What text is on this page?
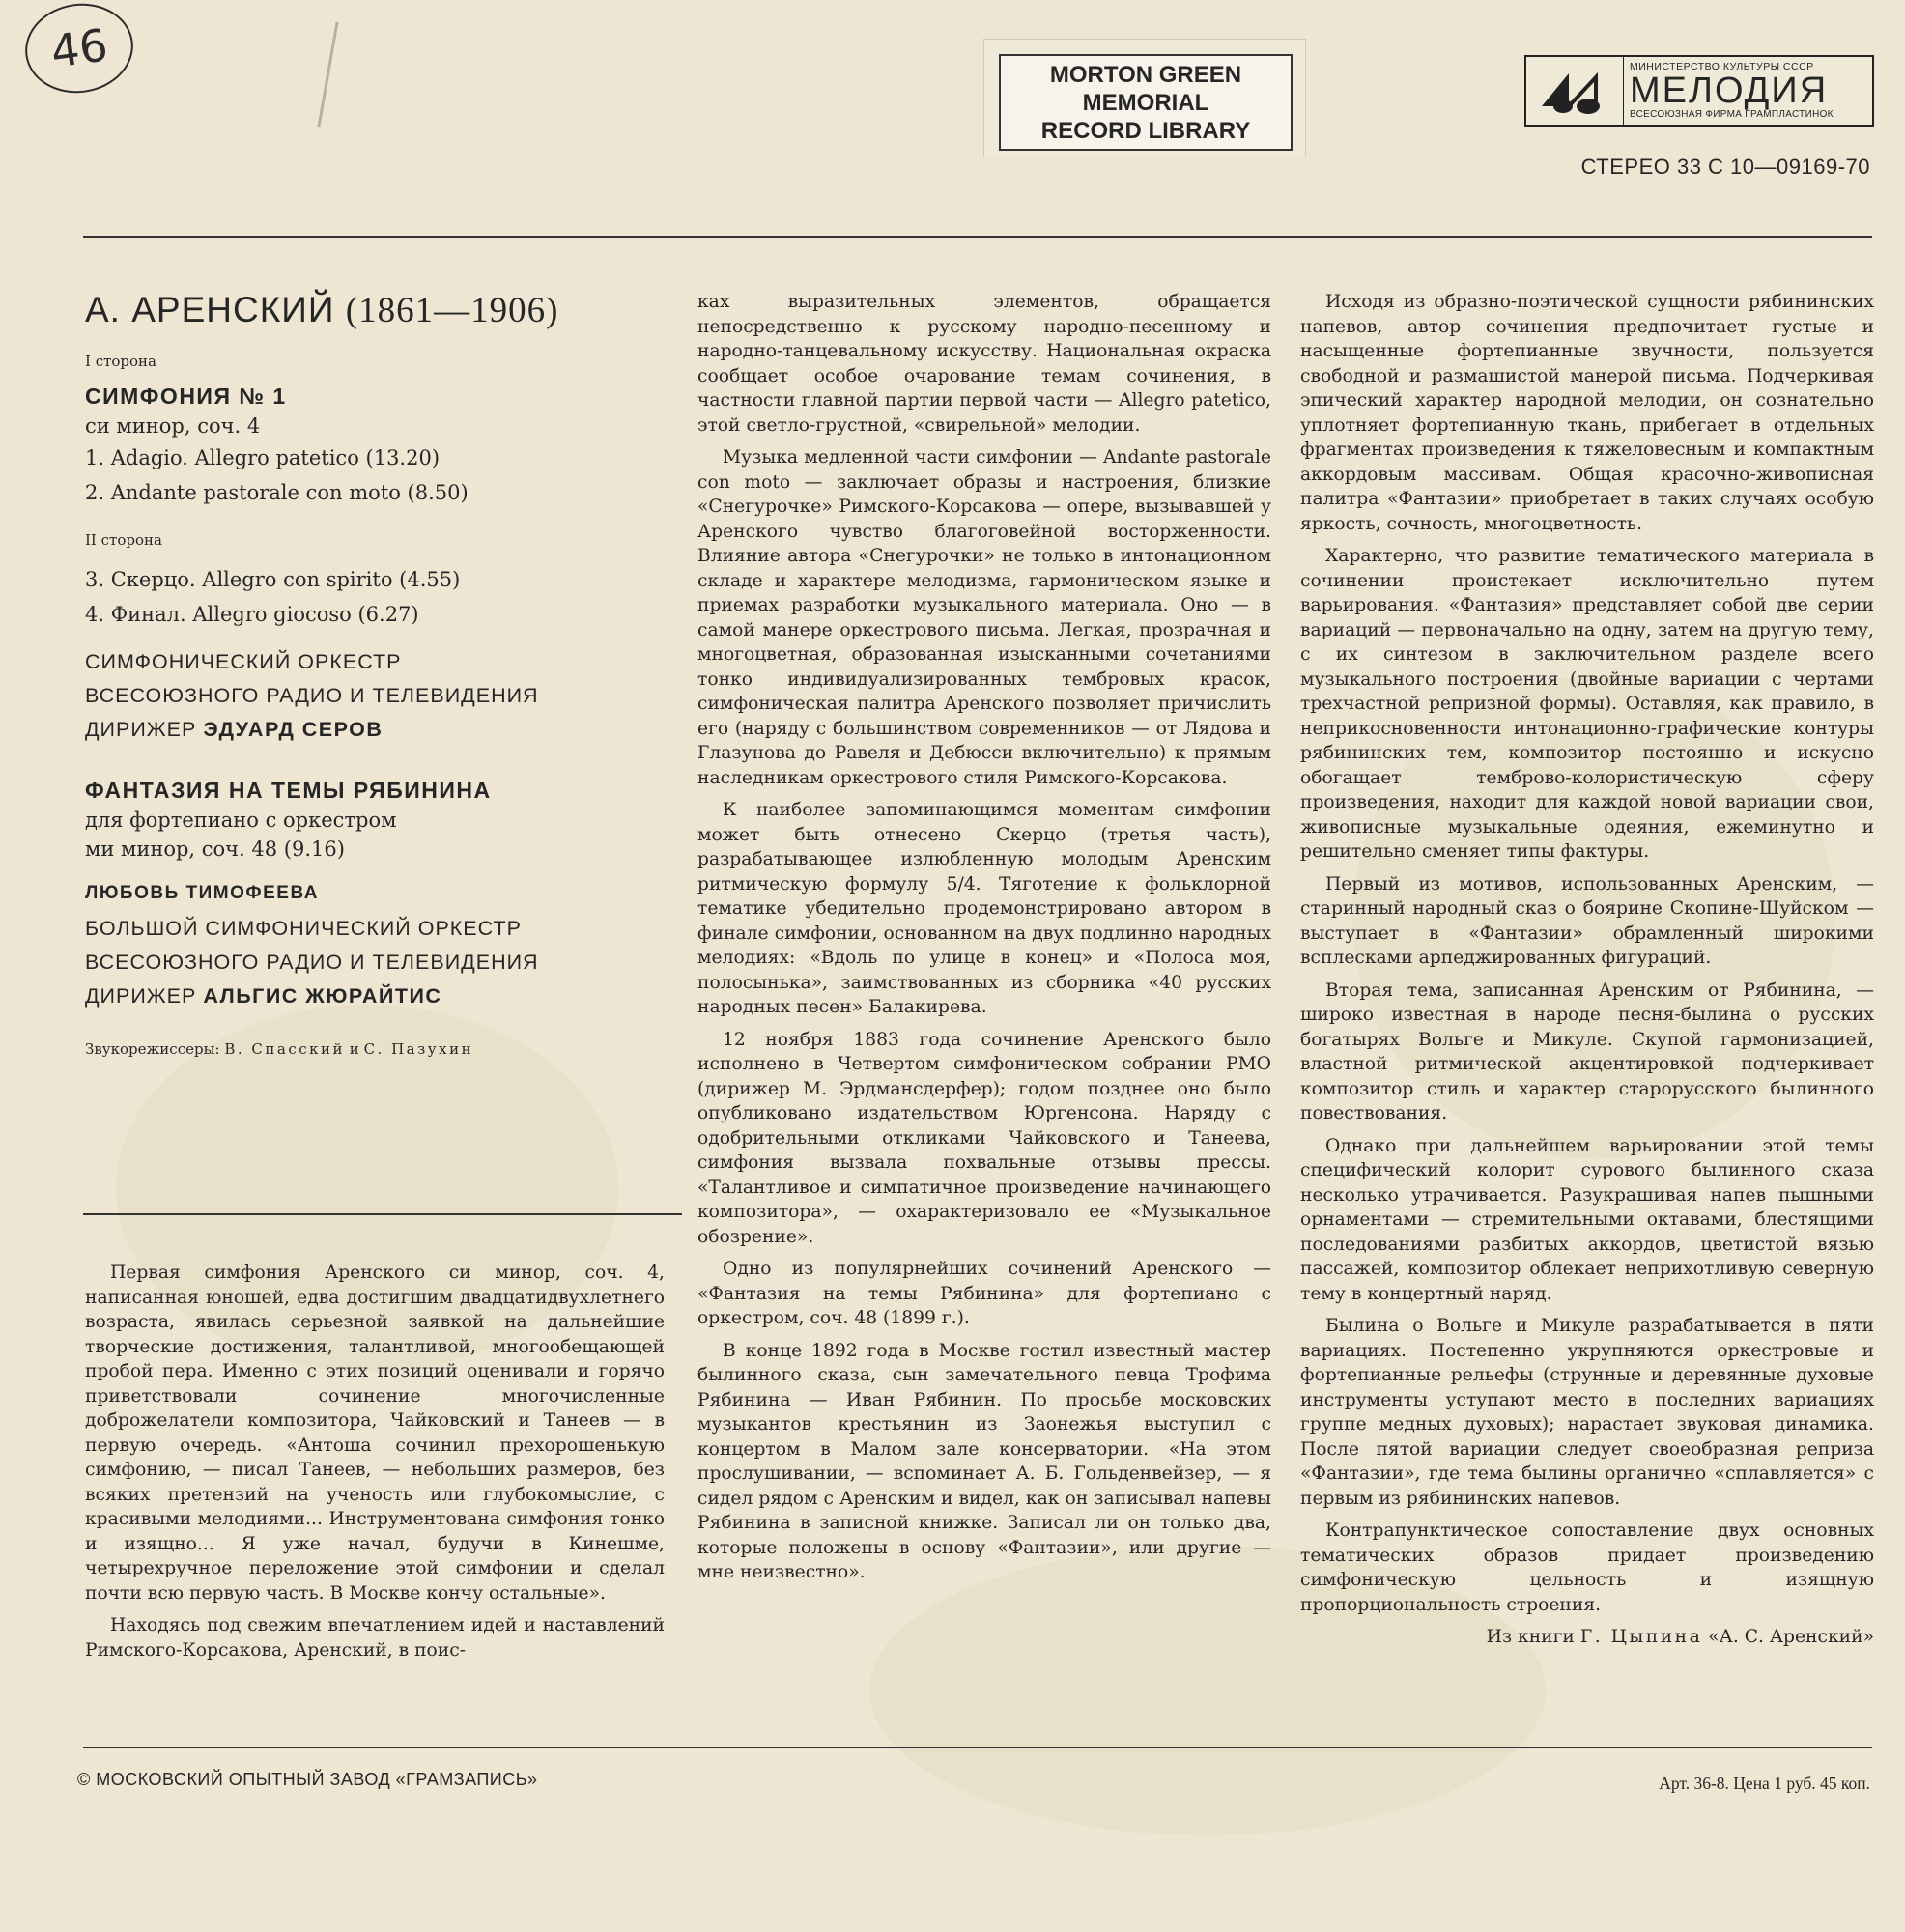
46	MORTON GREEN
MEMORIAL
RECORD LIBRARY
МИНИСТЕРСТВО КУЛЬТУРЫ СССР
МЕЛОДИЯ
ВСЕСОЮЗНАЯ ФИРМА ГРАМПЛАСТИНОК
СТЕРЕО 33 С 10—09169-70
А. АРЕНСКИЙ (1861—1906)
I сторона
СИМФОНИЯ № 1
си минор, соч. 4
1. Adagio. Allegro patetico (13.20)
2. Andante pastorale con moto (8.50)
II сторона
3. Скерцо. Allegro con spirito (4.55)
4. Финал. Allegro giocoso (6.27)
СИМФОНИЧЕСКИЙ ОРКЕСТР
ВСЕСОЮЗНОГО РАДИО И ТЕЛЕВИДЕНИЯ
ДИРИЖЕР ЭДУАРД СЕРОВ
ФАНТАЗИЯ НА ТЕМЫ РЯБИНИНА
для фортепиано с оркестром
ми минор, соч. 48 (9.16)
ЛЮБОВЬ ТИМОФЕЕВА
БОЛЬШОЙ СИМФОНИЧЕСКИЙ ОРКЕСТР
ВСЕСОЮЗНОГО РАДИО И ТЕЛЕВИДЕНИЯ
ДИРИЖЕР АЛЬГИС ЖЮРАЙТИС
Звукорежиссеры: В. Спасский и С. Пазухин

Первая симфония Аренского си минор, соч. 4, написанная юношей, едва достигшим двадцатидвухлетнего возраста, явилась серьезной заявкой на дальнейшие творческие достижения, талантливой, многообещающей пробой пера. Именно с этих позиций оценивали и горячо приветствовали сочинение многочисленные доброжелатели композитора, Чайковский и Танеев — в первую очередь. «Антоша сочинил прехорошенькую симфонию, — писал Танеев, — небольших размеров, без всяких претензий на ученость или глубокомыслие, с красивыми мелодиями... Инструментована симфония тонко и изящно... Я уже начал, будучи в Кинешме, четырехручное переложение этой симфонии и сделал почти всю первую часть. В Москве кончу остальные».

Находясь под свежим впечатлением идей и наставлений Римского-Корсакова, Аренский, в поис-

ках выразительных элементов, обращается непосредственно к русскому народно-песенному и народно-танцевальному искусству. Национальная окраска сообщает особое очарование темам сочинения, в частности главной партии первой части — Allegro patetico, этой светло-грустной, «свирельной» мелодии.

Музыка медленной части симфонии — Andante pastorale con moto — заключает образы и настроения, близкие «Снегурочке» Римского-Корсакова — опере, вызывавшей у Аренского чувство благоговейной восторженности. Влияние автора «Снегурочки» не только в интонационном складе и характере мелодизма, гармоническом языке и приемах разработки музыкального материала. Оно — в самой манере оркестрового письма. Легкая, прозрачная и многоцветная, образованная изысканными сочетаниями тонко индивидуализированных тембровых красок, симфоническая палитра Аренского позволяет причислить его (наряду с большинством современников — от Лядова и Глазунова до Равеля и Дебюсси включительно) к прямым наследникам оркестрового стиля Римского-Корсакова.

К наиболее запоминающимся моментам симфонии может быть отнесено Скерцо (третья часть), разрабатывающее излюбленную молодым Аренским ритмическую формулу 5/4. Тяготение к фольклорной тематике убедительно продемонстрировано автором в финале симфонии, основанном на двух подлинно народных мелодиях: «Вдоль по улице в конец» и «Полоса моя, полосынька», заимствованных из сборника «40 русских народных песен» Балакирева.

12 ноября 1883 года сочинение Аренского было исполнено в Четвертом симфоническом собрании РМО (дирижер М. Эрдмансдерфер); годом позднее оно было опубликовано издательством Юргенсона. Наряду с одобрительными откликами Чайковского и Танеева, симфония вызвала похвальные отзывы прессы. «Талантливое и симпатичное произведение начинающего композитора», — охарактеризовало ее «Музыкальное обозрение».

Одно из популярнейших сочинений Аренского — «Фантазия на темы Рябинина» для фортепиано с оркестром, соч. 48 (1899 г.).

В конце 1892 года в Москве гостил известный мастер былинного сказа, сын замечательного певца Трофима Рябинина — Иван Рябинин. По просьбе московских музыкантов крестьянин из Заонежья выступил с концертом в Малом зале консерватории. «На этом прослушивании, — вспоминает А. Б. Гольденвейзер, — я сидел рядом с Аренским и видел, как он записывал напевы Рябинина в записной книжке. Записал ли он только два, которые положены в основу «Фантазии», или другие — мне неизвестно».

Исходя из образно-поэтической сущности рябининских напевов, автор сочинения предпочитает густые и насыщенные фортепианные звучности, пользуется свободной и размашистой манерой письма. Подчеркивая эпический характер народной мелодии, он сознательно уплотняет фортепианную ткань, прибегает в отдельных фрагментах произведения к тяжеловесным и компактным аккордовым массивам. Общая красочно-живописная палитра «Фантазии» приобретает в таких случаях особую яркость, сочность, многоцветность.

Характерно, что развитие тематического материала в сочинении проистекает исключительно путем варьирования. «Фантазия» представляет собой две серии вариаций — первоначально на одну, затем на другую тему, с их синтезом в заключительном разделе всего музыкального построения (двойные вариации с чертами трехчастной репризной формы). Оставляя, как правило, в неприкосновенности интонационно-графические контуры рябининских тем, композитор постоянно и искусно обогащает темброво-колористическую сферу произведения, находит для каждой новой вариации свои, живописные музыкальные одеяния, ежеминутно и решительно сменяет типы фактуры.

Первый из мотивов, использованных Аренским, — старинный народный сказ о боярине Скопине-Шуйском — выступает в «Фантазии» обрамленный широкими всплесками арпеджированных фигураций.

Вторая тема, записанная Аренским от Рябинина, — широко известная в народе песня-былина о русских богатырях Вольге и Микуле. Скупой гармонизацией, властной ритмической акцентировкой подчеркивает композитор стиль и характер старорусского былинного повествования.

Однако при дальнейшем варьировании этой темы специфический колорит сурового былинного сказа несколько утрачивается. Разукрашивая напев пышными орнаментами — стремительными октавами, блестящими последованиями разбитых аккордов, цветистой вязью пассажей, композитор облекает неприхотливую северную тему в концертный наряд.

Былина о Вольге и Микуле разрабатывается в пяти вариациях. Постепенно укрупняются оркестровые и фортепианные рельефы (струнные и деревянные духовые инструменты уступают место в последних вариациях группе медных духовых); нарастает звуковая динамика. После пятой вариации следует своеобразная реприза «Фантазии», где тема былины органично «сплавляется» с первым из рябининских напевов.

Контрапунктическое сопоставление двух основных тематических образов придает произведению симфоническую цельность и изящную пропорциональность строения.

Из книги Г. Цыпина «А. С. Аренский»

© МОСКОВСКИЙ ОПЫТНЫЙ ЗАВОД «ГРАМЗАПИСЬ»	Арт. 36-8. Цена 1 руб. 45 коп.
